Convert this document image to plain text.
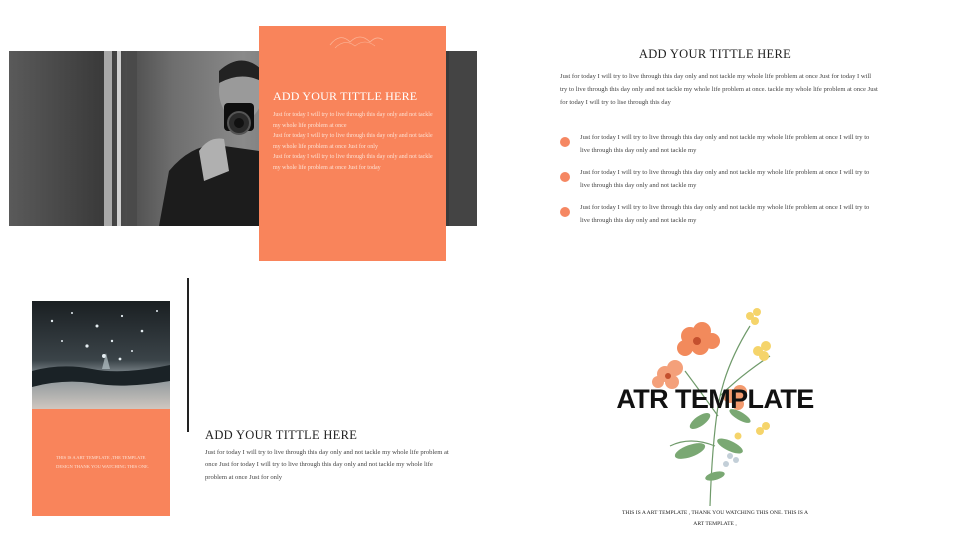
ADD YOUR TITTLE HERE

Just for today I will try to live through this day only and not tackle my whole life problem at once

Just for today I will try to live through this day only and not tackle my whole life problem at once Just for only

Just for today I will try to live through this day only and not tackle my whole life problem at once Just for today

ADD YOUR TITTLE HERE
Just for today I will try to live through this day only and not tackle my whole life problem at once Just for today I will try to live through this day only and not tackle my whole life problem at once. tackle my whole life problem at once Just for today I will try to lise through this day
Just for today I will try to live through this day only and not tackle my whole life problem at once I will try to live through this day only and not tackle my
Just for today I will try to live through this day only and not tackle my whole life problem at once I will try to live through this day only and not tackle my
Just for today I will try to live through this day only and not tackle my whole life problem at once I will try to live through this day only and not tackle my
THIS IS A ART TEMPLATE ,THE TEMPLATE DESIGN THANK YOU WATCHING THIS ONE.
ADD YOUR TITTLE HERE
Just for today I will try to live through this day only and not tackle my whole life problem at once Just for today I will try to live through this day only and not tackle my whole life problem at once Just for only
ATR TEMPLATE
THIS IS A ART TEMPLATE , THANK YOU WATCHING THIS ONE. THIS IS A ART TEMPLATE ,
